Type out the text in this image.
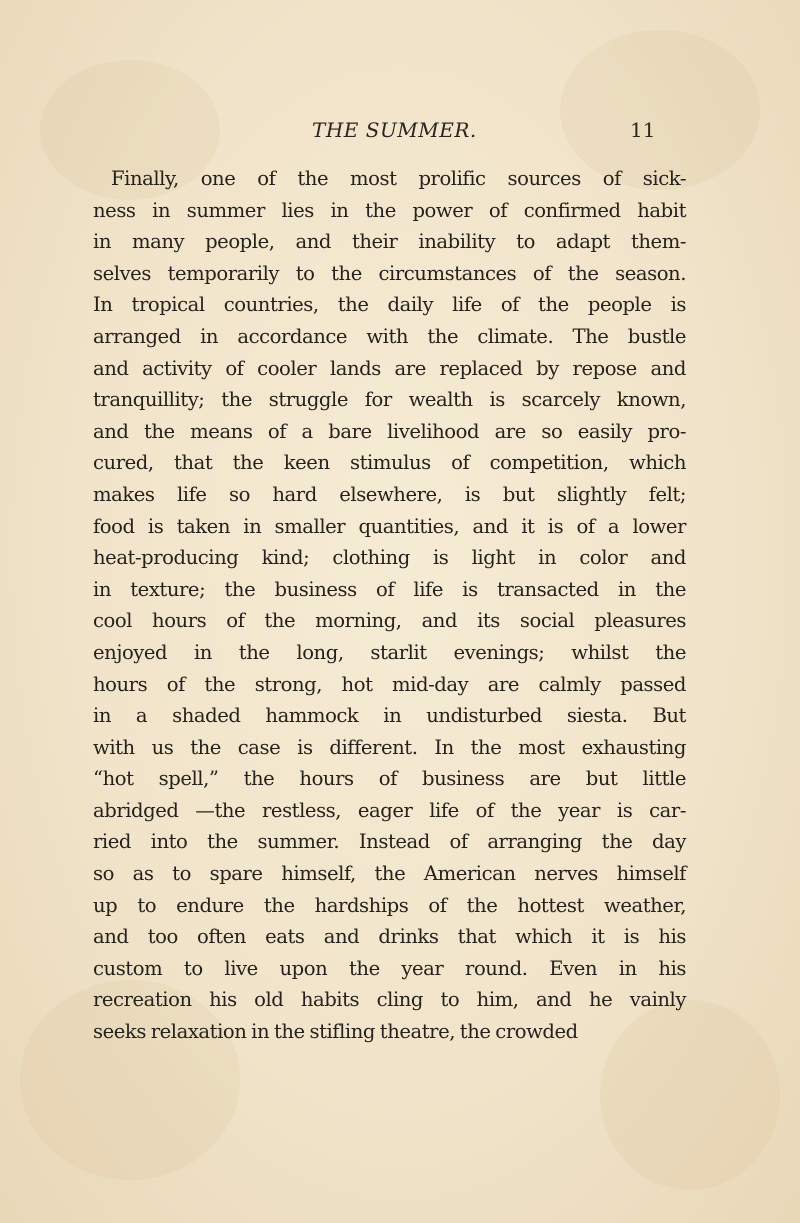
THE SUMMER.	11
Finally, one of the most prolific sources of sick-
ness in summer lies in the power of confirmed habit
in many people, and their inability to adapt them-
selves temporarily to the circumstances of the season.
In tropical countries, the daily life of the people is
arranged in accordance with the climate. The bustle
and activity of cooler lands are replaced by repose and
tranquillity; the struggle for wealth is scarcely known,
and the means of a bare livelihood are so easily pro-
cured, that the keen stimulus of competition, which
makes life so hard elsewhere, is but slightly felt;
food is taken in smaller quantities, and it is of a lower
heat-producing kind; clothing is light in color and
in texture; the business of life is transacted in the
cool hours of the morning, and its social pleasures
enjoyed in the long, starlit evenings; whilst the
hours of the strong, hot mid-day are calmly passed
in a shaded hammock in undisturbed siesta. But
with us the case is different. In the most exhausting
“hot spell,” the hours of business are but little
abridged —the restless, eager life of the year is car-
ried into the summer. Instead of arranging the day
so as to spare himself, the American nerves himself
up to endure the hardships of the hottest weather,
and too often eats and drinks that which it is his
custom to live upon the year round. Even in his
recreation his old habits cling to him, and he vainly
seeks relaxation in the stifling theatre, the crowded
